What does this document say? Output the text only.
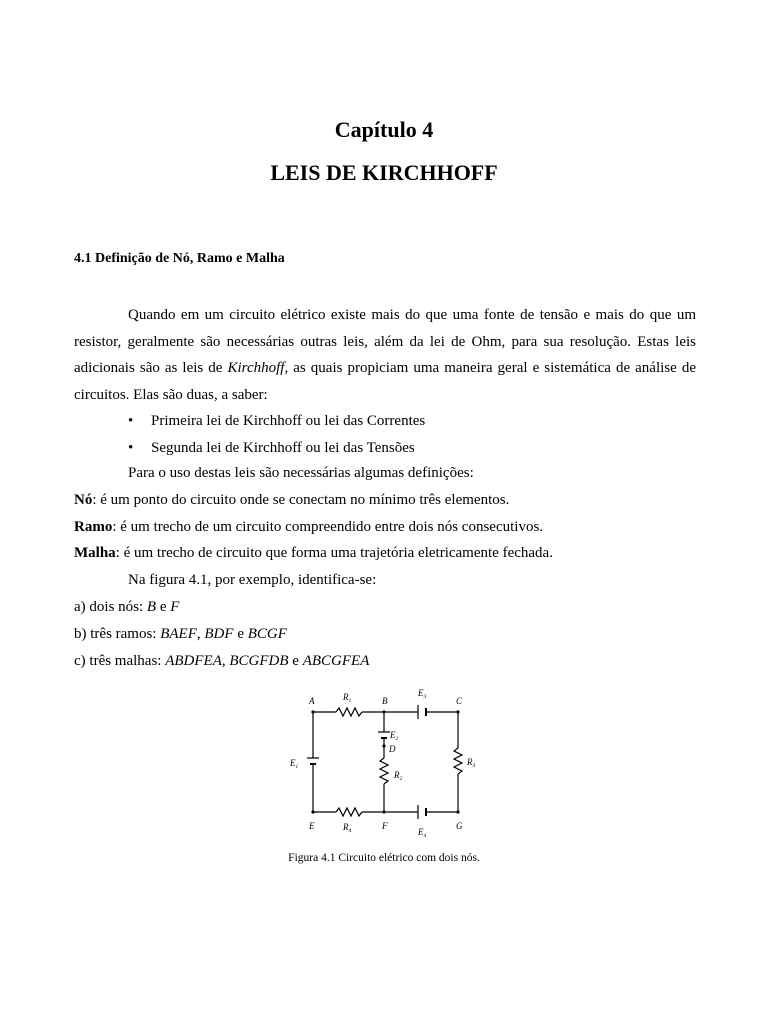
Capítulo 4
LEIS DE KIRCHHOFF
4.1 Definição de Nó, Ramo e Malha

Quando em um circuito elétrico existe mais do que uma fonte de tensão e mais do que um resistor, geralmente são necessárias outras leis, além da lei de Ohm, para sua resolução. Estas leis adicionais são as leis de Kirchhoff, as quais propiciam uma maneira geral e sistemática de análise de circuitos. Elas são duas, a saber:

• Primeira lei de Kirchhoff ou lei das Correntes
• Segunda lei de Kirchhoff ou lei das Tensões
Para o uso destas leis são necessárias algumas definições:
Nó: é um ponto do circuito onde se conectam no mínimo três elementos.
Ramo: é um trecho de um circuito compreendido entre dois nós consecutivos.
Malha: é um trecho de circuito que forma uma trajetória eletricamente fechada.
Na figura 4.1, por exemplo, identifica-se:
a) dois nós: B e F
b) três ramos: BAEF, BDF e BCGF
c) três malhas: ABDFEA, BCGFDB e ABCGFEA
A	B	C
D
E	F	G
$R_1$
$E_3$
$E_2$
$E_1$
$R_2$
$R_3$
$R_4$	$E_4$
Figura 4.1 Circuito elétrico com dois nós.
